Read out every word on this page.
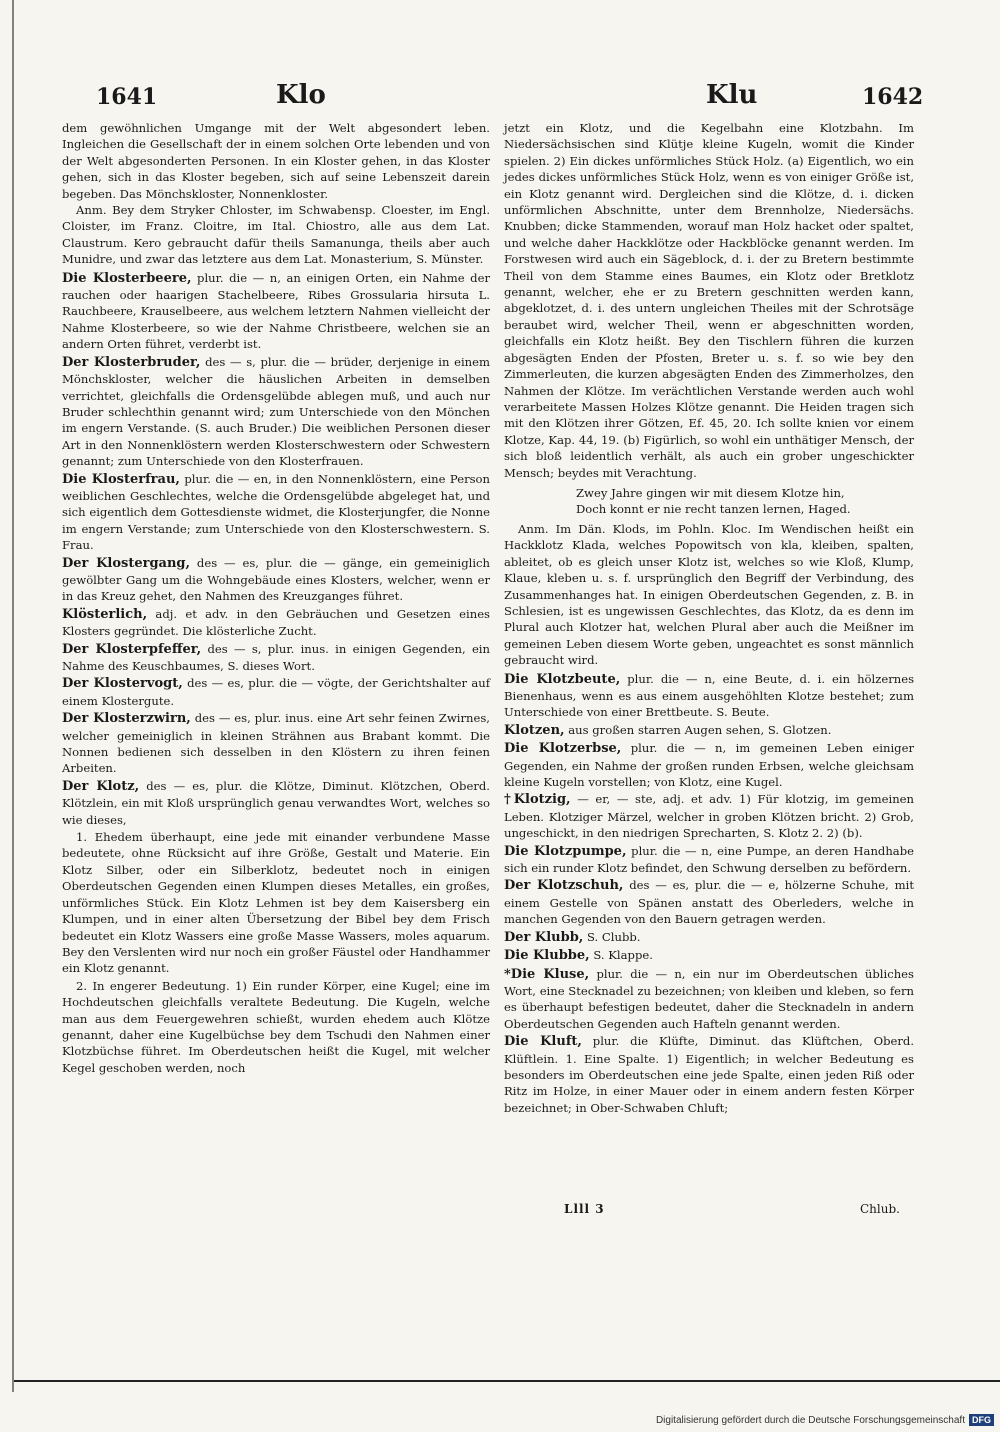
1641	Klo	Klu	1642

dem gewöhnlichen Umgange mit der Welt abgesondert leben. Ingleichen die Gesellschaft der in einem solchen Orte lebenden und von der Welt abgesonderten Personen. In ein Kloster gehen, in das Kloster gehen, sich in das Kloster begeben, sich auf seine Lebenszeit darein begeben. Das Mönchskloster, Nonnenkloster.

Anm. Bey dem Stryker Chloster, im Schwabensp. Cloester, im Engl. Cloister, im Franz. Cloitre, im Ital. Chiostro, alle aus dem Lat. Claustrum. Kero gebraucht dafür theils Samanunga, theils aber auch Munidre, und zwar das letztere aus dem Lat. Monasterium, S. Münster.

Die Klosterbeere, plur. die — n, an einigen Orten, ein Nahme der rauchen oder haarigen Stachelbeere, Ribes Grossularia hirsuta L. Rauchbeere, Krauselbeere, aus welchem letztern Nahmen vielleicht der Nahme Klosterbeere, so wie der Nahme Christbeere, welchen sie an andern Orten führet, verderbt ist.

Der Klosterbruder, des — s, plur. die — brüder, derjenige in einem Mönchskloster, welcher die häuslichen Arbeiten in demselben verrichtet, gleichfalls die Ordensgelübde ablegen muß, und auch nur Bruder schlechthin genannt wird; zum Unterschiede von den Mönchen im engern Verstande. (S. auch Bruder.) Die weiblichen Personen dieser Art in den Nonnenklöstern werden Klosterschwestern oder Schwestern genannt; zum Unterschiede von den Klosterfrauen.

Die Klosterfrau, plur. die — en, in den Nonnenklöstern, eine Person weiblichen Geschlechtes, welche die Ordensgelübde abgeleget hat, und sich eigentlich dem Gottesdienste widmet, die Klosterjungfer, die Nonne im engern Verstande; zum Unterschiede von den Klosterschwestern. S. Frau.

Der Klostergang, des — es, plur. die — gänge, ein gemeiniglich gewölbter Gang um die Wohngebäude eines Klosters, welcher, wenn er in das Kreuz gehet, den Nahmen des Kreuzganges führet.

Klösterlich, adj. et adv. in den Gebräuchen und Gesetzen eines Klosters gegründet. Die klösterliche Zucht.

Der Klosterpfeffer, des — s, plur. inus. in einigen Gegenden, ein Nahme des Keuschbaumes, S. dieses Wort.

Der Klostervogt, des — es, plur. die — vögte, der Gerichtshalter auf einem Klostergute.

Der Klosterzwirn, des — es, plur. inus. eine Art sehr feinen Zwirnes, welcher gemeiniglich in kleinen Strähnen aus Brabant kommt. Die Nonnen bedienen sich desselben in den Klöstern zu ihren feinen Arbeiten.

Der Klotz, des — es, plur. die Klötze, Diminut. Klötzchen, Oberd. Klötzlein, ein mit Kloß ursprünglich genau verwandtes Wort, welches so wie dieses,

1. Ehedem überhaupt, eine jede mit einander verbundene Masse bedeutete, ohne Rücksicht auf ihre Größe, Gestalt und Materie. Ein Klotz Silber, oder ein Silberklotz, bedeutet noch in einigen Oberdeutschen Gegenden einen Klumpen dieses Metalles, ein großes, unförmliches Stück. Ein Klotz Lehmen ist bey dem Kaisersberg ein Klumpen, und in einer alten Übersetzung der Bibel bey dem Frisch bedeutet ein Klotz Wassers eine große Masse Wassers, moles aquarum. Bey den Verslenten wird nur noch ein großer Fäustel oder Handhammer ein Klotz genannt.

2. In engerer Bedeutung. 1) Ein runder Körper, eine Kugel; eine im Hochdeutschen gleichfalls veraltete Bedeutung. Die Kugeln, welche man aus dem Feuergewehren schießt, wurden ehedem auch Klötze genannt, daher eine Kugelbüchse bey dem Tschudi den Nahmen einer Klotzbüchse führet. Im Oberdeutschen heißt die Kugel, mit welcher Kegel geschoben werden, noch

jetzt ein Klotz, und die Kegelbahn eine Klotzbahn. Im Niedersächsischen sind Klütje kleine Kugeln, womit die Kinder spielen. 2) Ein dickes unförmliches Stück Holz. (a) Eigentlich, wo ein jedes dickes unförmliches Stück Holz, wenn es von einiger Größe ist, ein Klotz genannt wird. Dergleichen sind die Klötze, d. i. dicken unförmlichen Abschnitte, unter dem Brennholze, Niedersächs. Knubben; dicke Stammenden, worauf man Holz hacket oder spaltet, und welche daher Hackklötze oder Hackblöcke genannt werden. Im Forstwesen wird auch ein Sägeblock, d. i. der zu Bretern bestimmte Theil von dem Stamme eines Baumes, ein Klotz oder Bretklotz genannt, welcher, ehe er zu Bretern geschnitten werden kann, abgeklotzet, d. i. des untern ungleichen Theiles mit der Schrotsäge beraubet wird, welcher Theil, wenn er abgeschnitten worden, gleichfalls ein Klotz heißt. Bey den Tischlern führen die kurzen abgesägten Enden der Pfosten, Breter u. s. f. so wie bey den Zimmerleuten, die kurzen abgesägten Enden des Zimmerholzes, den Nahmen der Klötze. Im verächtlichen Verstande werden auch wohl verarbeitete Massen Holzes Klötze genannt. Die Heiden tragen sich mit den Klötzen ihrer Götzen, Ef. 45, 20. Ich sollte knien vor einem Klotze, Kap. 44, 19. (b) Figürlich, so wohl ein unthätiger Mensch, der sich bloß leidentlich verhält, als auch ein grober ungeschickter Mensch; beydes mit Verachtung.

Zwey Jahre gingen wir mit diesem Klotze hin,
Doch konnt er nie recht tanzen lernen, Haged.

Anm. Im Dän. Klods, im Pohln. Kloc. Im Wendischen heißt ein Hackklotz Klada, welches Popowitsch von kla, kleiben, spalten, ableitet, ob es gleich unser Klotz ist, welches so wie Kloß, Klump, Klaue, kleben u. s. f. ursprünglich den Begriff der Verbindung, des Zusammenhanges hat. In einigen Oberdeutschen Gegenden, z. B. in Schlesien, ist es ungewissen Geschlechtes, das Klotz, da es denn im Plural auch Klotzer hat, welchen Plural aber auch die Meißner im gemeinen Leben diesem Worte geben, ungeachtet es sonst männlich gebraucht wird.

Die Klotzbeute, plur. die — n, eine Beute, d. i. ein hölzernes Bienenhaus, wenn es aus einem ausgehöhlten Klotze bestehet; zum Unterschiede von einer Brettbeute. S. Beute.

Klotzen, aus großen starren Augen sehen, S. Glotzen.

Die Klotzerbse, plur. die — n, im gemeinen Leben einiger Gegenden, ein Nahme der großen runden Erbsen, welche gleichsam kleine Kugeln vorstellen; von Klotz, eine Kugel.

†Klotzig, — er, — ste, adj. et adv. 1) Für klotzig, im gemeinen Leben. Klotziger Märzel, welcher in groben Klötzen bricht. 2) Grob, ungeschickt, in den niedrigen Sprecharten, S. Klotz 2. 2) (b).

Die Klotzpumpe, plur. die — n, eine Pumpe, an deren Handhabe sich ein runder Klotz befindet, den Schwung derselben zu befördern.

Der Klotzschuh, des — es, plur. die — e, hölzerne Schuhe, mit einem Gestelle von Spänen anstatt des Oberleders, welche in manchen Gegenden von den Bauern getragen werden.

Der Klubb, S. Clubb.

Die Klubbe, S. Klappe.

*Die Kluse, plur. die — n, ein nur im Oberdeutschen übliches Wort, eine Stecknadel zu bezeichnen; von kleiben und kleben, so fern es überhaupt befestigen bedeutet, daher die Stecknadeln in andern Oberdeutschen Gegenden auch Hafteln genannt werden.

Die Kluft, plur. die Klüfte, Diminut. das Klüftchen, Oberd. Klüftlein. 1. Eine Spalte. 1) Eigentlich; in welcher Bedeutung es besonders im Oberdeutschen eine jede Spalte, einen jeden Riß oder Ritz im Holze, in einer Mauer oder in einem andern festen Körper bezeichnet; in Ober-Schwaben Chluft;

Llll 3	Chlub.
Digitalisierung gefördert durch die Deutsche Forschungsgemeinschaft DFG
